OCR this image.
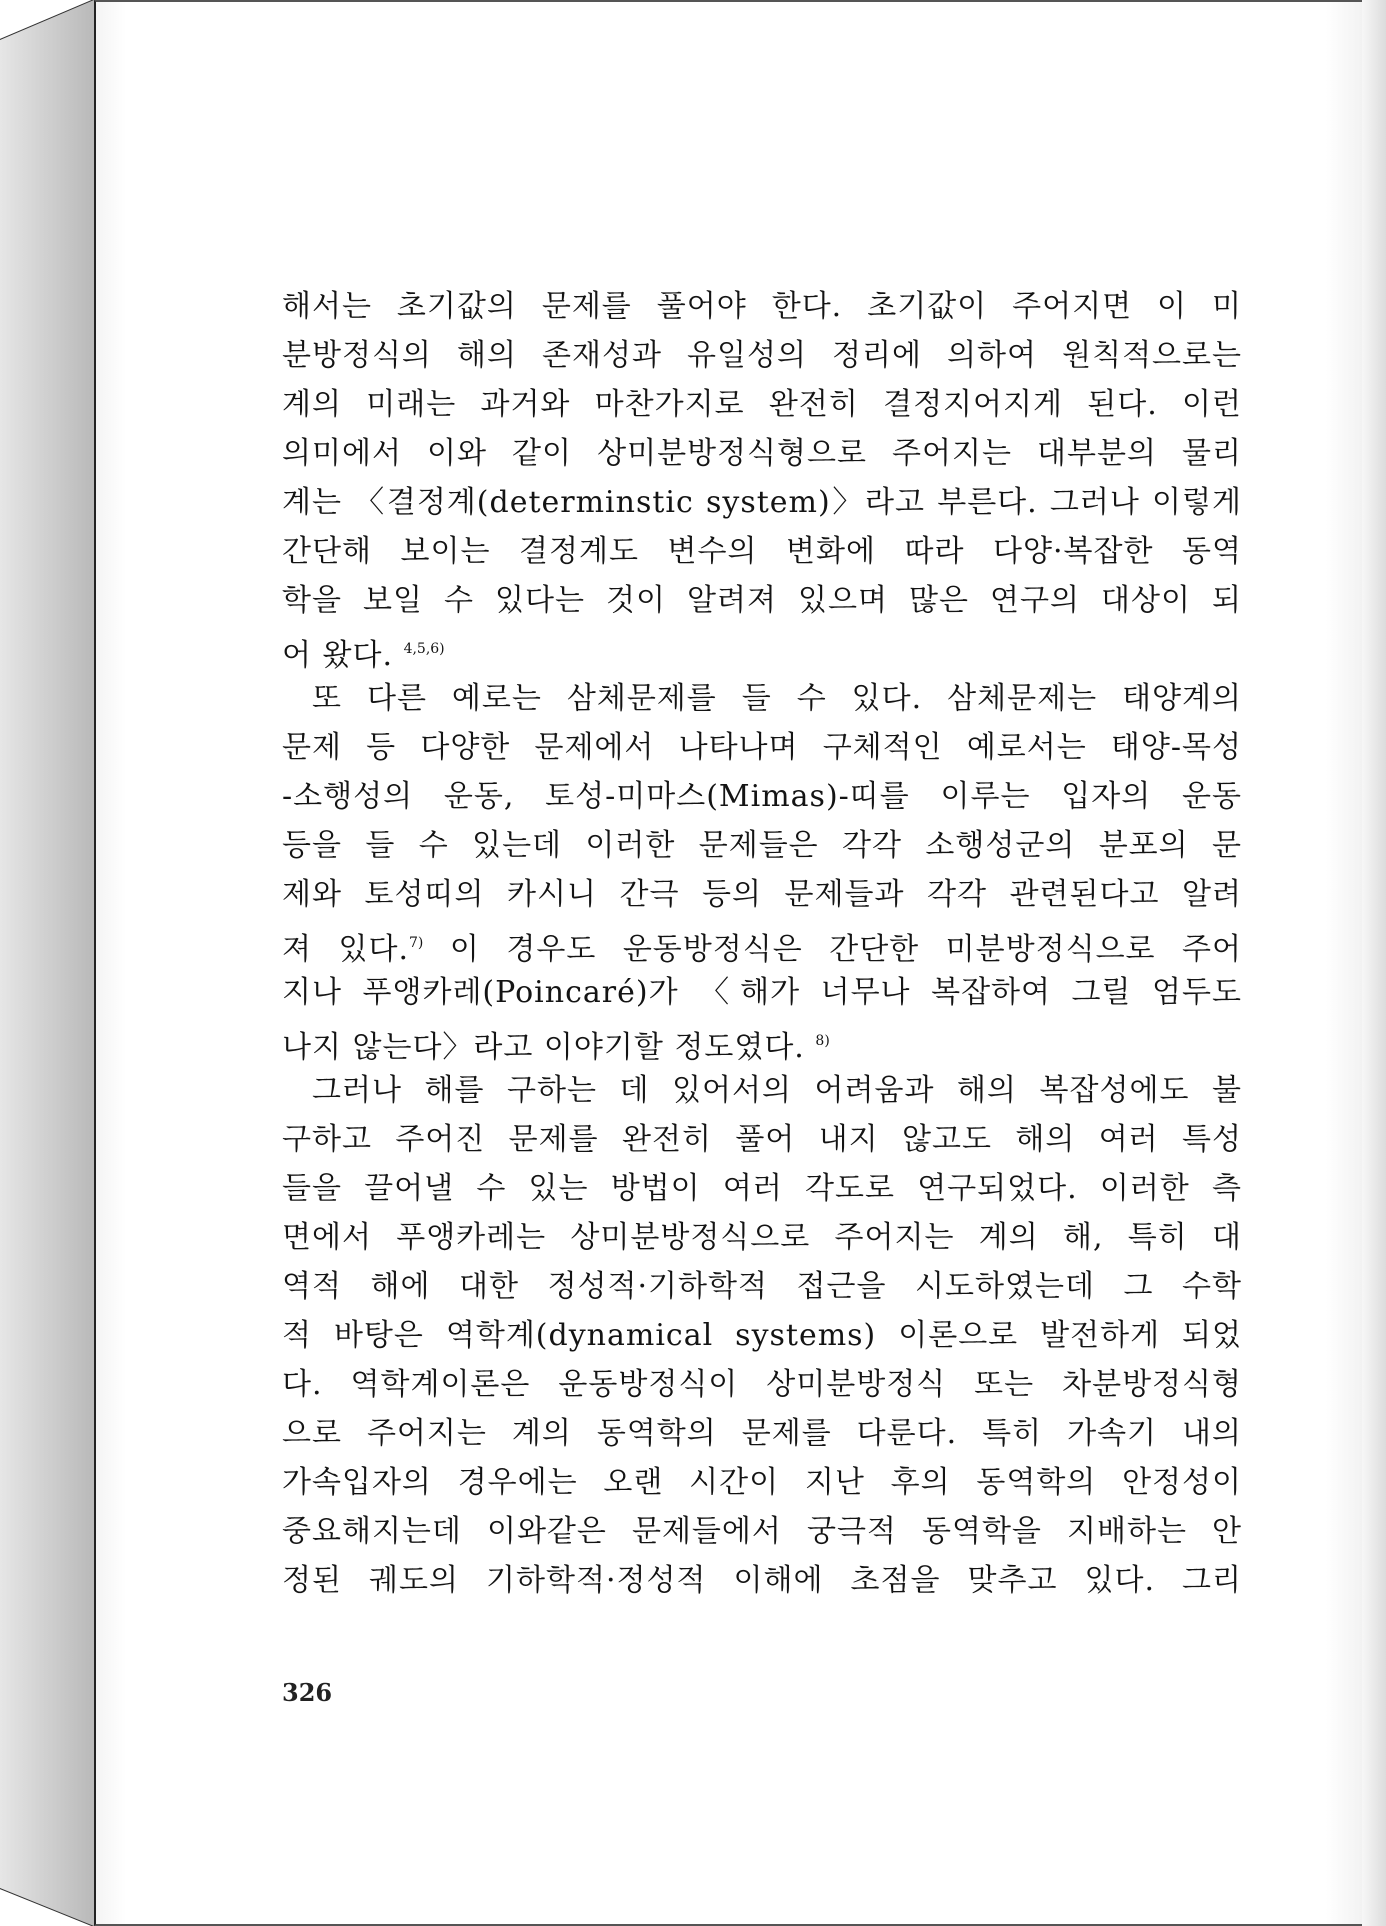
해서는 초기값의 문제를 풀어야 한다. 초기값이 주어지면 이 미
분방정식의 해의 존재성과 유일성의 정리에 의하여 원칙적으로는
계의 미래는 과거와 마찬가지로 완전히 결정지어지게 된다. 이런
의미에서 이와 같이 상미분방정식형으로 주어지는 대부분의 물리
계는 〈결정계(determinstic system)〉라고 부른다. 그러나 이렇게
간단해 보이는 결정계도 변수의 변화에 따라 다양·복잡한 동역
학을 보일 수 있다는 것이 알려져 있으며 많은 연구의 대상이 되
어 왔다. $^{4,5,6)}$
또 다른 예로는 삼체문제를 들 수 있다. 삼체문제는 태양계의
문제 등 다양한 문제에서 나타나며 구체적인 예로서는 태양-목성
-소행성의 운동, 토성-미마스(Mimas)-띠를 이루는 입자의 운동
등을 들 수 있는데 이러한 문제들은 각각 소행성군의 분포의 문
제와 토성띠의 카시니 간극 등의 문제들과 각각 관련된다고 알려
져 있다.$^{7)}$ 이 경우도 운동방정식은 간단한 미분방정식으로 주어
지나 푸앵카레(Poincaré)가 〈해가 너무나 복잡하여 그릴 엄두도
나지 않는다〉라고 이야기할 정도였다. $^{8)}$
그러나 해를 구하는 데 있어서의 어려움과 해의 복잡성에도 불
구하고 주어진 문제를 완전히 풀어 내지 않고도 해의 여러 특성
들을 끌어낼 수 있는 방법이 여러 각도로 연구되었다. 이러한 측
면에서 푸앵카레는 상미분방정식으로 주어지는 계의 해, 특히 대
역적 해에 대한 정성적·기하학적 접근을 시도하였는데 그 수학
적 바탕은 역학계(dynamical systems) 이론으로 발전하게 되었
다. 역학계이론은 운동방정식이 상미분방정식 또는 차분방정식형
으로 주어지는 계의 동역학의 문제를 다룬다. 특히 가속기 내의
가속입자의 경우에는 오랜 시간이 지난 후의 동역학의 안정성이
중요해지는데 이와같은 문제들에서 궁극적 동역학을 지배하는 안
정된 궤도의 기하학적·정성적 이해에 초점을 맞추고 있다. 그리
326
